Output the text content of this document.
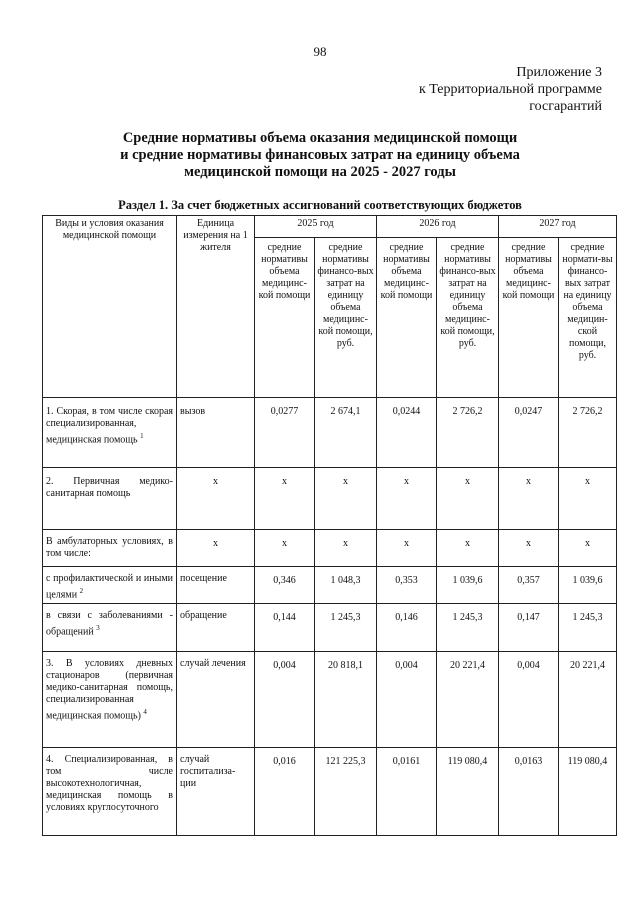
98
Приложение 3
к Территориальной программе
госгарантий
Средние нормативы объема оказания медицинской помощи
и средние нормативы финансовых затрат на единицу объема
медицинской помощи на 2025 - 2027 годы
Раздел 1. За счет бюджетных ассигнований соответствующих бюджетов
Виды и условия оказания медицинской помощи	Единица измерения на 1 жителя	2025 год		2026 год		2027 год	
		средние нормативы объема медицинс-кой помощи	средние нормативы финансо-вых затрат на единицу объема медицинс-кой помощи, руб.	средние нормативы объема медицинс-кой помощи	средние нормативы финансо-вых затрат на единицу объема медицинс-кой помощи, руб.	средние нормативы объема медицинс-кой помощи	средние нормати-вы финансо-вых затрат на единицу объема медицин-ской помощи, руб.
1. Скорая, в том числе скорая специализированная, медицинская помощь $^1$	вызов	0,0277	2 674,1	0,0244	2 726,2	0,0247	2 726,2
2. Первичная медико-санитарная помощь	х	х	х	х	х	х	х
В амбулаторных условиях, в том числе:	х	х	х	х	х	х	х
с профилактической и иными целями $^2$	посещение	0,346	1 048,3	0,353	1 039,6	0,357	1 039,6
в связи с заболеваниями - обращений $^3$	обращение	0,144	1 245,3	0,146	1 245,3	0,147	1 245,3
3. В условиях дневных стационаров (первичная медико-санитарная помощь, специализированная медицинская помощь) $^4$	случай лечения	0,004	20 818,1	0,004	20 221,4	0,004	20 221,4
4. Специализированная, в том числе высокотехнологичная, медицинская помощь в условиях круглосуточного	случай госпитализа-ции	0,016	121 225,3	0,0161	119 080,4	0,0163	119 080,4
